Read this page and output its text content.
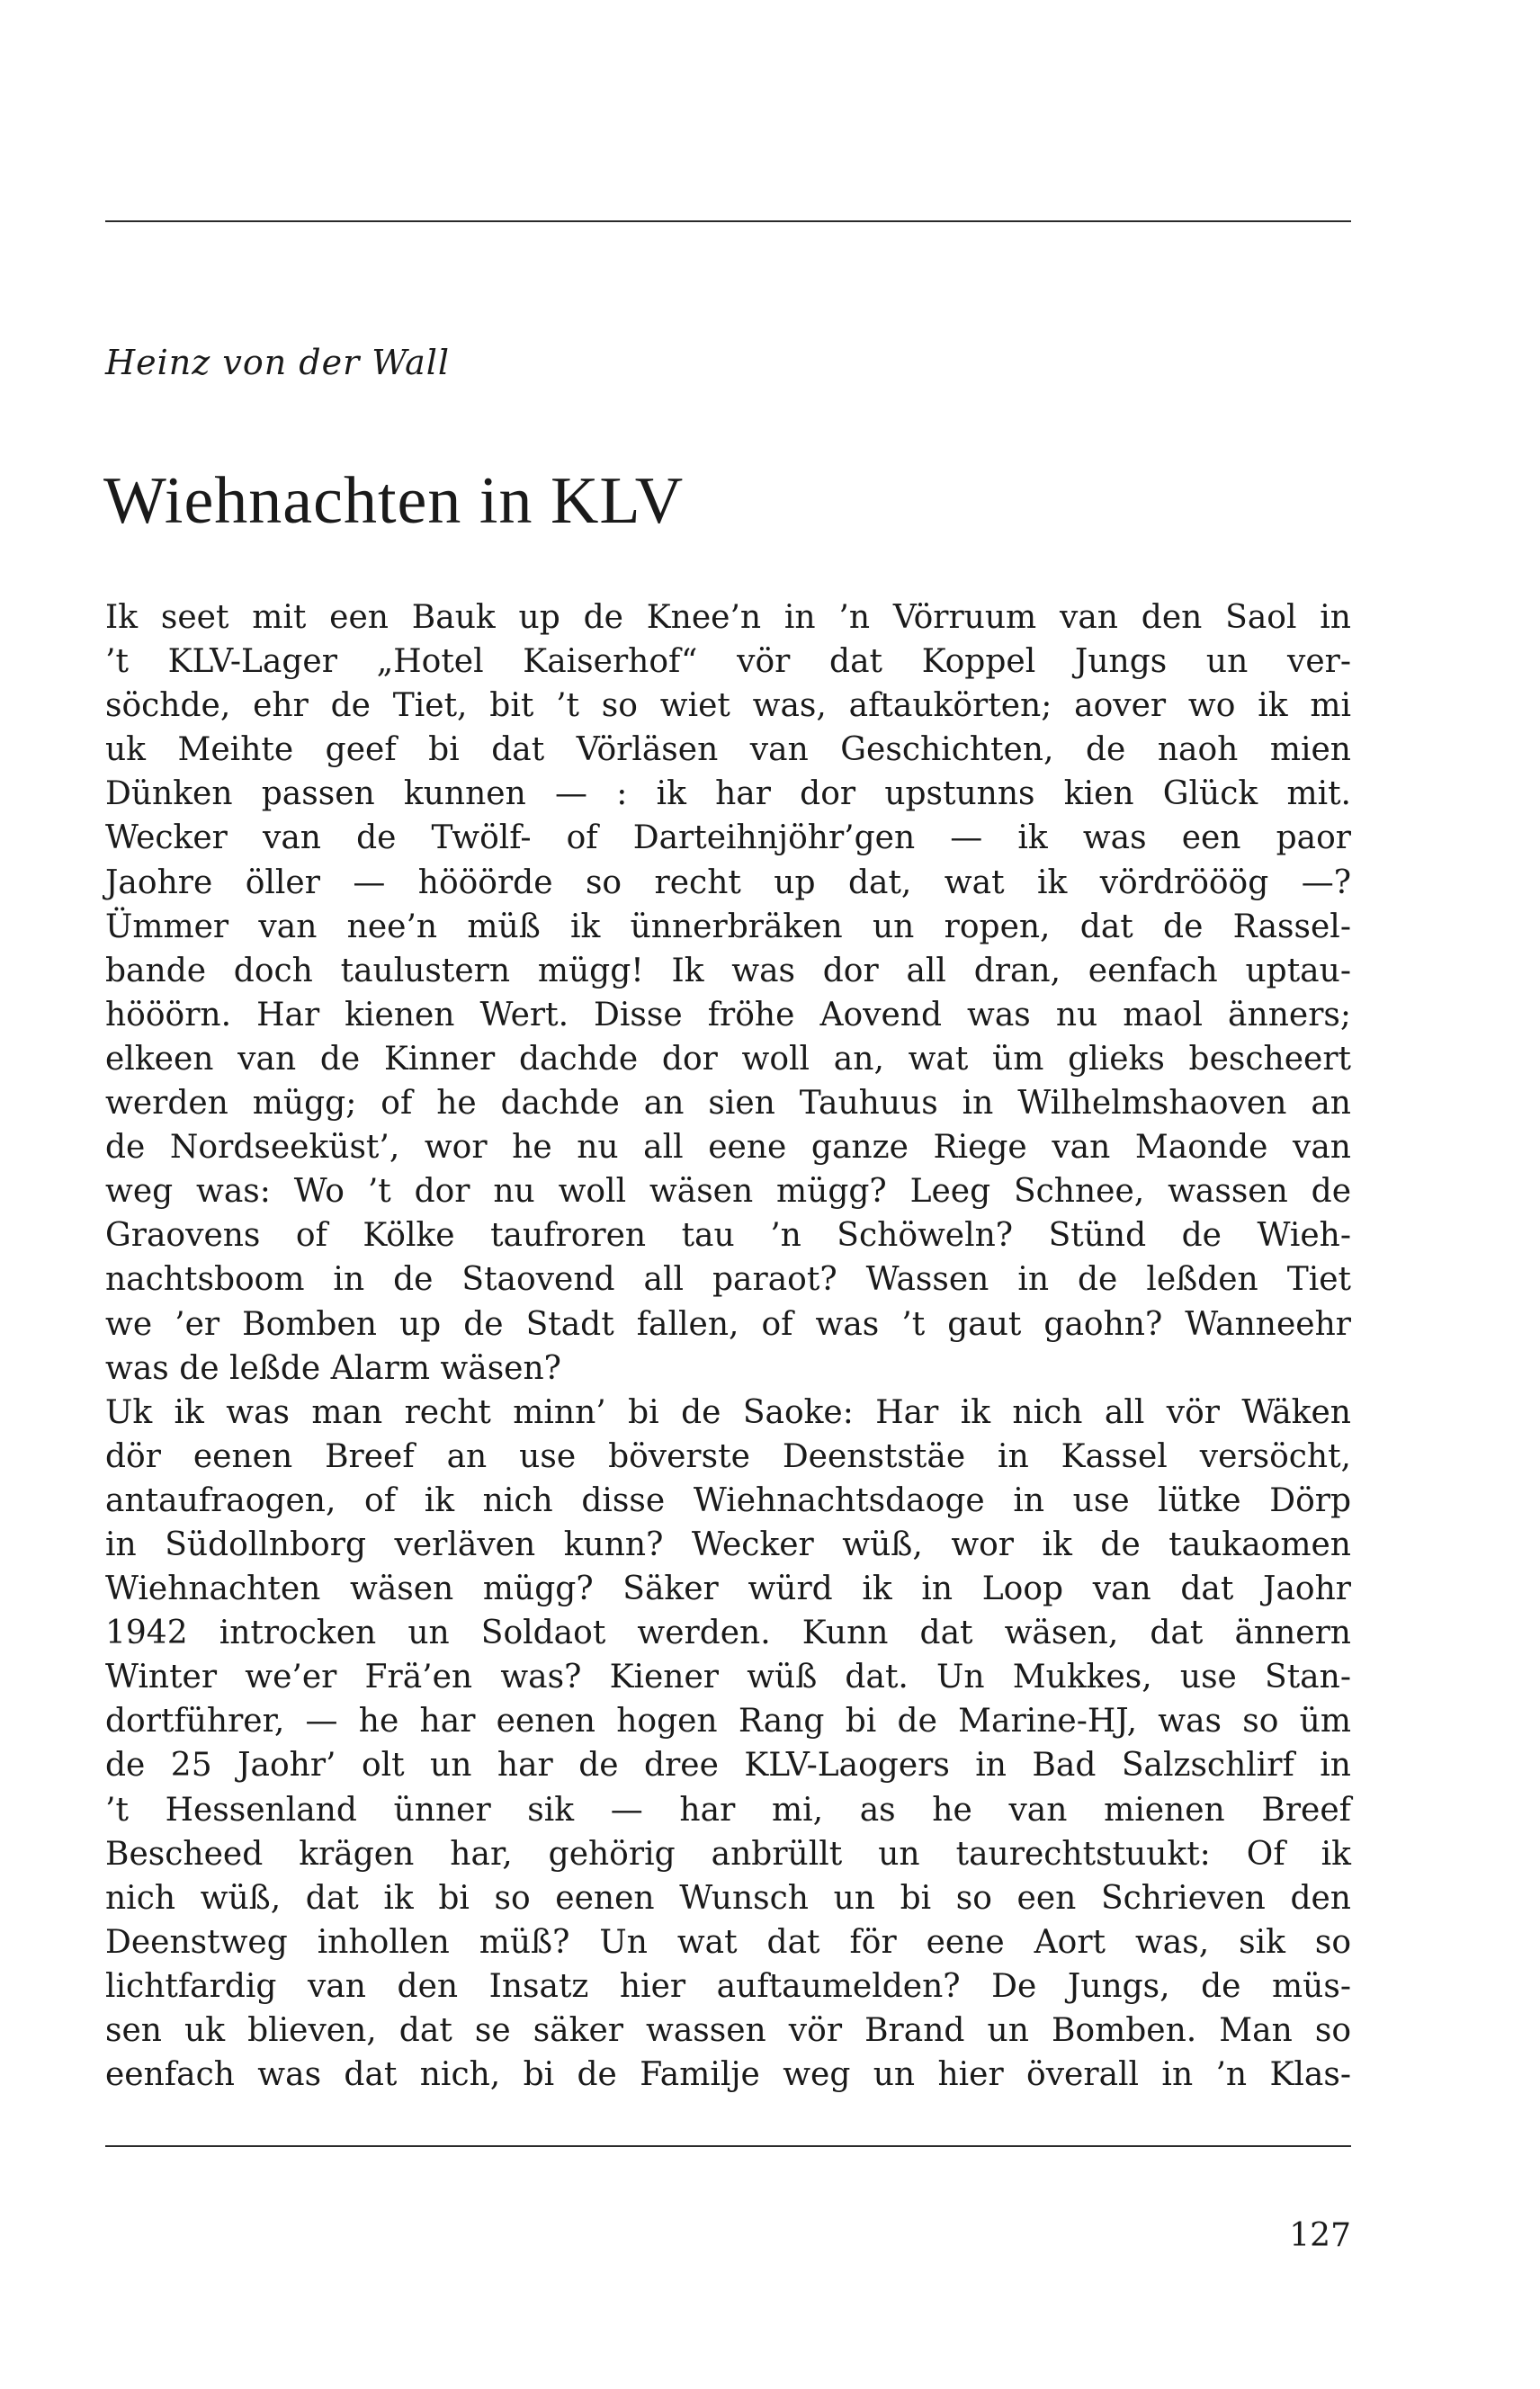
Heinz von der Wall
Wiehnachten in KLV
Ik seet mit een Bauk up de Knee’n in ’n Vörruum van den Saol in
’t KLV-Lager „Hotel Kaiserhof“ vör dat Koppel Jungs un ver-
söchde, ehr de Tiet, bit ’t so wiet was, aftaukörten; aover wo ik mi
uk Meihte geef bi dat Vörläsen van Geschichten, de naoh mien
Dünken passen kunnen — : ik har dor upstunns kien Glück mit.
Wecker van de Twölf- of Darteihnjöhr’gen — ik was een paor
Jaohre öller — hööörde so recht up dat, wat ik vördrööög —?
Ümmer van nee’n müß ik ünnerbräken un ropen, dat de Rassel-
bande doch taulustern mügg! Ik was dor all dran, eenfach uptau-
hööörn. Har kienen Wert. Disse fröhe Aovend was nu maol änners;
elkeen van de Kinner dachde dor woll an, wat üm glieks bescheert
werden mügg; of he dachde an sien Tauhuus in Wilhelmshaoven an
de Nordseeküst’, wor he nu all eene ganze Riege van Maonde van
weg was: Wo ’t dor nu woll wäsen mügg? Leeg Schnee, wassen de
Graovens of Kölke taufroren tau ’n Schöweln? Stünd de Wieh-
nachtsboom in de Staovend all paraot? Wassen in de leßden Tiet
we ’er Bomben up de Stadt fallen, of was ’t gaut gaohn? Wanneehr
was de leßde Alarm wäsen?
Uk ik was man recht minn’ bi de Saoke: Har ik nich all vör Wäken
dör eenen Breef an use böverste Deenststäe in Kassel versöcht,
antaufraogen, of ik nich disse Wiehnachtsdaoge in use lütke Dörp
in Südollnborg verläven kunn? Wecker wüß, wor ik de taukaomen
Wiehnachten wäsen mügg? Säker würd ik in Loop van dat Jaohr
1942 introcken un Soldaot werden. Kunn dat wäsen, dat ännern
Winter we’er Frä’en was? Kiener wüß dat. Un Mukkes, use Stan-
dortführer, — he har eenen hogen Rang bi de Marine-HJ, was so üm
de 25 Jaohr’ olt un har de dree KLV-Laogers in Bad Salzschlirf in
’t Hessenland ünner sik — har mi, as he van mienen Breef
Bescheed krägen har, gehörig anbrüllt un taurechtstuukt: Of ik
nich wüß, dat ik bi so eenen Wunsch un bi so een Schrieven den
Deenstweg inhollen müß? Un wat dat för eene Aort was, sik so
lichtfardig van den Insatz hier auftaumelden? De Jungs, de müs-
sen uk blieven, dat se säker wassen vör Brand un Bomben. Man so
eenfach was dat nich, bi de Familje weg un hier överall in ’n Klas-
127
